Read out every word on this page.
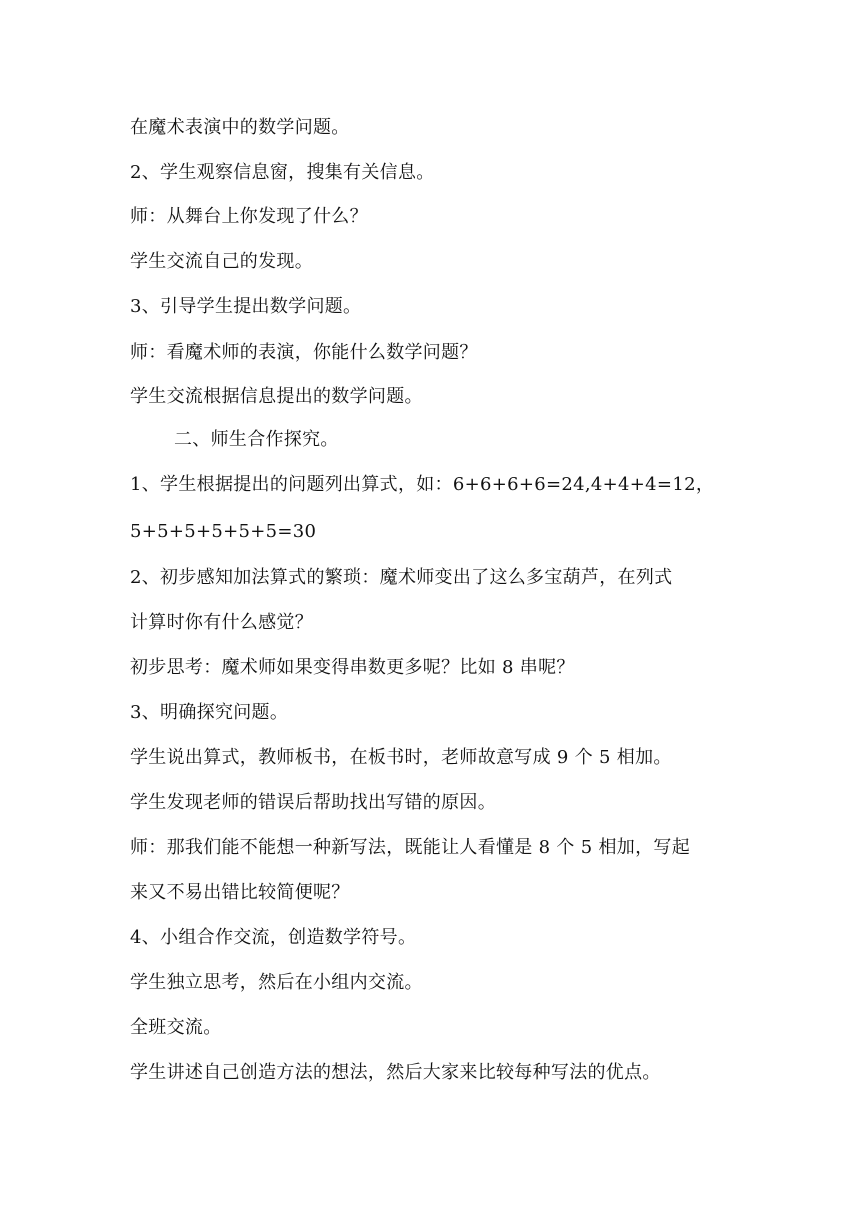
在魔术表演中的数学问题。

2、学生观察信息窗，搜集有关信息。

师：从舞台上你发现了什么？

学生交流自己的发现。

3、引导学生提出数学问题。

师：看魔术师的表演，你能什么数学问题？

学生交流根据信息提出的数学问题。

二、师生合作探究。

1、学生根据提出的问题列出算式，如：6+6+6+6=24,4+4+4=12，

5+5+5+5+5+5=30

2、初步感知加法算式的繁琐：魔术师变出了这么多宝葫芦，在列式

计算时你有什么感觉？

初步思考：魔术师如果变得串数更多呢？比如 8 串呢？

3、明确探究问题。

学生说出算式，教师板书，在板书时，老师故意写成 9 个 5 相加。

学生发现老师的错误后帮助找出写错的原因。

师：那我们能不能想一种新写法，既能让人看懂是 8 个 5 相加，写起

来又不易出错比较简便呢？

4、小组合作交流，创造数学符号。

学生独立思考，然后在小组内交流。

全班交流。

学生讲述自己创造方法的想法，然后大家来比较每种写法的优点。
